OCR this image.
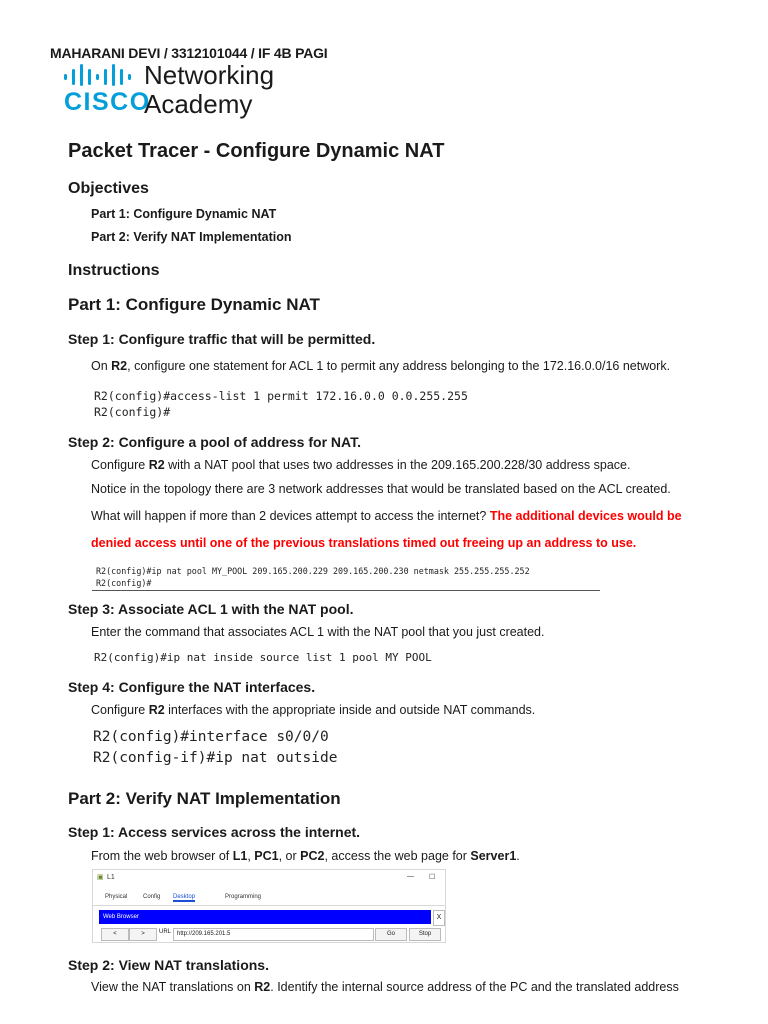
MAHARANI DEVI / 3312101044 / IF 4B PAGI
CISCO
Networking
Academy
Packet Tracer - Configure Dynamic NAT
Objectives
Part 1: Configure Dynamic NAT
Part 2: Verify NAT Implementation
Instructions
Part 1: Configure Dynamic NAT
Step 1: Configure traffic that will be permitted.
On R2, configure one statement for ACL 1 to permit any address belonging to the 172.16.0.0/16 network.
R2(config)#access-list 1 permit 172.16.0.0 0.0.255.255
R2(config)#
Step 2: Configure a pool of address for NAT.
Configure R2 with a NAT pool that uses two addresses in the 209.165.200.228/30 address space.
Notice in the topology there are 3 network addresses that would be translated based on the ACL created.
What will happen if more than 2 devices attempt to access the internet? The additional devices would be
denied access until one of the previous translations timed out freeing up an address to use.
R2(config)#ip nat pool MY_POOL 209.165.200.229 209.165.200.230 netmask 255.255.255.252
R2(config)#
Step 3: Associate ACL 1 with the NAT pool.
Enter the command that associates ACL 1 with the NAT pool that you just created.
R2(config)#ip nat inside source list 1 pool MY POOL
Step 4: Configure the NAT interfaces.
Configure R2 interfaces with the appropriate inside and outside NAT commands.
R2(config)#interface s0/0/0
R2(config-if)#ip nat outside
Part 2: Verify NAT Implementation
Step 1: Access services across the internet.
From the web browser of L1, PC1, or PC2, access the web page for Server1.
▣ L1	— ☐
Physical	Config Desktop	Programming
Web Browser	X
<	>	URL http://209.165.201.5	Go	Stop
Step 2: View NAT translations.
View the NAT translations on R2. Identify the internal source address of the PC and the translated address
